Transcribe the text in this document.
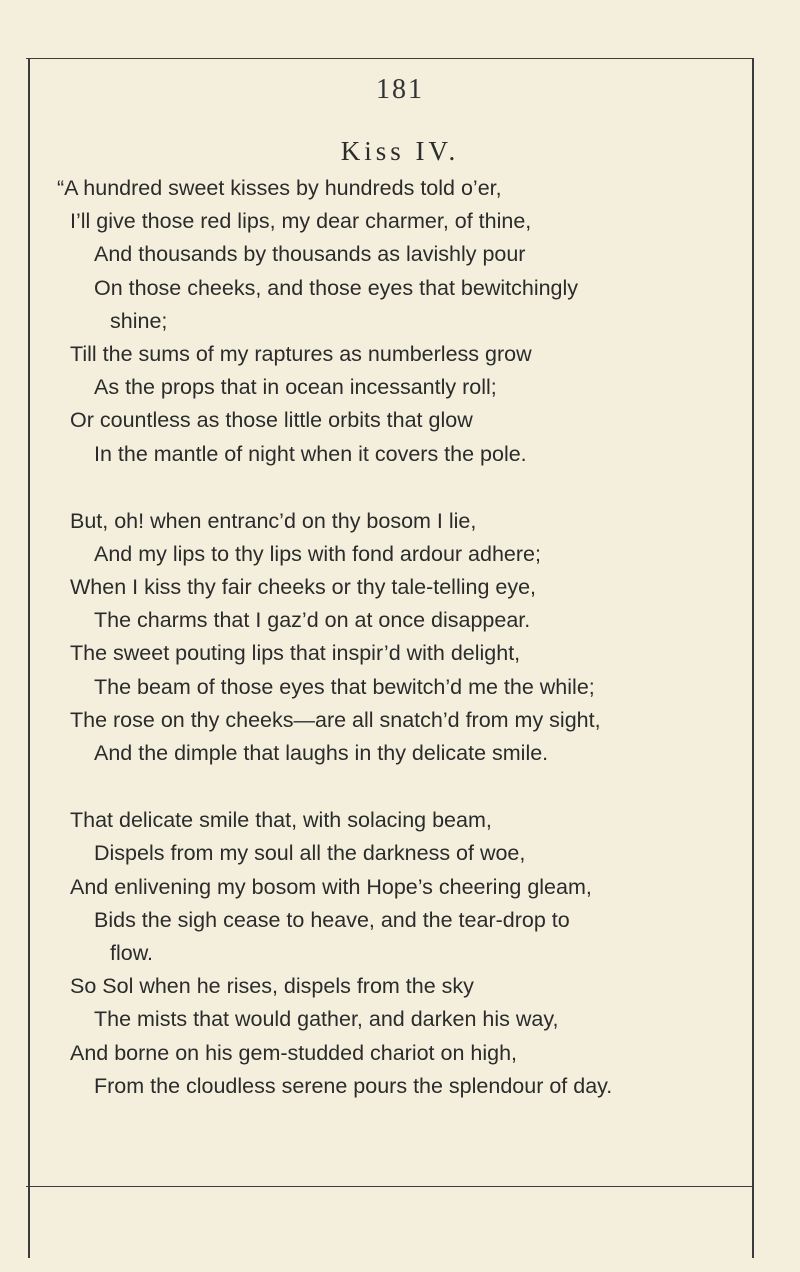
181
Kiss IV.
“A hundred sweet kisses by hundreds told o’er,
I’ll give those red lips, my dear charmer, of thine,
And thousands by thousands as lavishly pour
On those cheeks, and those eyes that bewitchingly
shine;
Till the sums of my raptures as numberless grow
As the props that in ocean incessantly roll;
Or countless as those little orbits that glow
In the mantle of night when it covers the pole.
But, oh! when entranc’d on thy bosom I lie,
And my lips to thy lips with fond ardour adhere;
When I kiss thy fair cheeks or thy tale-telling eye,
The charms that I gaz’d on at once disappear.
The sweet pouting lips that inspir’d with delight,
The beam of those eyes that bewitch’d me the while;
The rose on thy cheeks—are all snatch’d from my sight,
And the dimple that laughs in thy delicate smile.
That delicate smile that, with solacing beam,
Dispels from my soul all the darkness of woe,
And enlivening my bosom with Hope’s cheering gleam,
Bids the sigh cease to heave, and the tear-drop to
flow.
So Sol when he rises, dispels from the sky
The mists that would gather, and darken his way,
And borne on his gem-studded chariot on high,
From the cloudless serene pours the splendour of day.
